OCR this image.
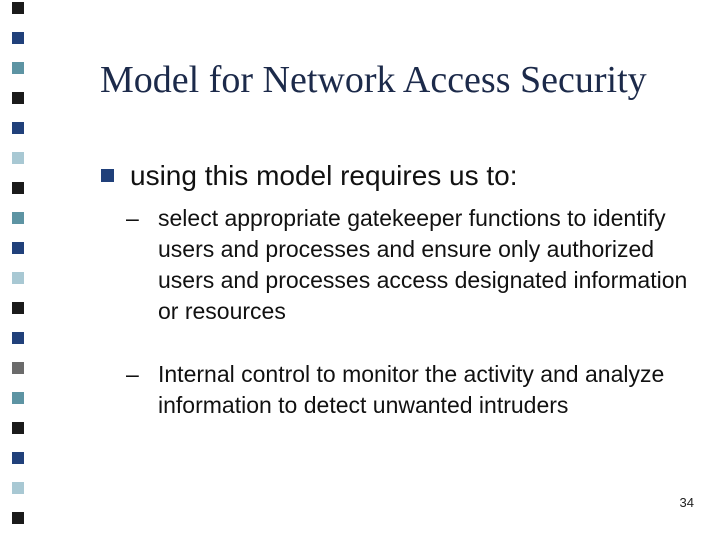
Model for Network Access Security
using this model requires us to:
– select appropriate gatekeeper functions to identify users and processes and ensure only authorized users and processes access designated information or resources
– Internal control to monitor the activity and analyze information to detect unwanted intruders
34
